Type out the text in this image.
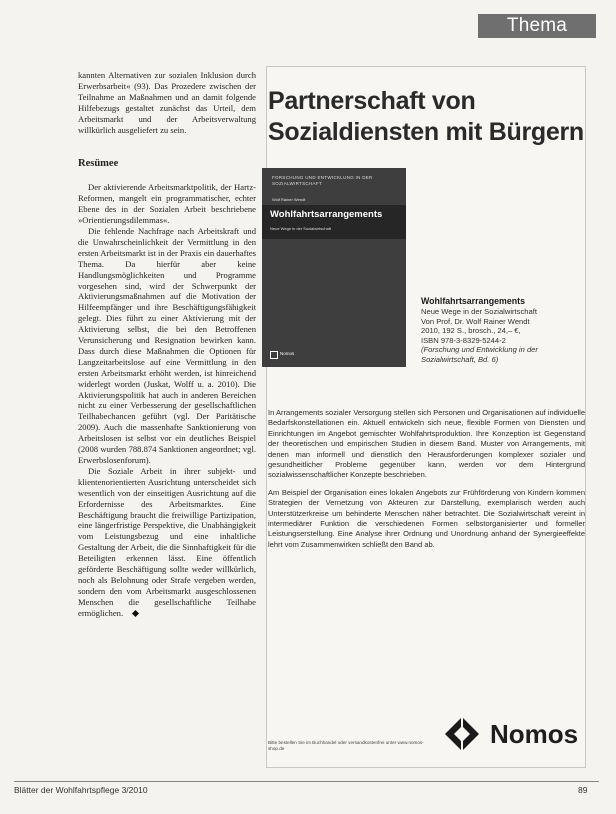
Thema

kannten Alternativen zur sozialen Inklusion durch Erwerbsarbeit« (93). Das Prozedere zwischen der Teilnahme an Maßnahmen und an damit folgende Hilfebezugs gestaltet zunächst das Urteil, dem Arbeitsmarkt und der Arbeitsverwaltung willkürlich ausgeliefert zu sein.

Resümee

Der aktivierende Arbeitsmarktpolitik, der Hartz-Reformen, mangelt ein programmatischer, echter Ebene des in der Sozialen Arbeit beschriebene »Orientierungsdilemmas«.

Die fehlende Nachfrage nach Arbeitskraft und die Unwahrscheinlichkeit der Vermittlung in den ersten Arbeitsmarkt ist in der Praxis ein dauerhaftes Thema. Da hierfür aber keine Handlungsmöglichkeiten und Programme vorgesehen sind, wird der Schwerpunkt der Aktivierungsmaßnahmen auf die Motivation der Hilfeempfänger und ihre Beschäftigungsfähigkeit gelegt. Dies führt zu einer Aktivierung mit der Aktivierung selbst, die bei den Betroffenen Verunsicherung und Resignation bewirken kann. Dass durch diese Maßnahmen die Optionen für Langzeitarbeitslose auf eine Vermittlung in den ersten Arbeitsmarkt erhöht werden, ist hinreichend widerlegt worden (Juskat, Wolff u. a. 2010). Die Aktivierungspolitik hat auch in anderen Bereichen nicht zu einer Verbesserung der gesellschaftlichen Teilhabechancen geführt (vgl. Der Paritätische 2009). Auch die massenhafte Sanktionierung von Arbeitslosen ist selbst vor ein deutliches Beispiel (2008 wurden 788.874 Sanktionen angeordnet; vgl. Erwerbslosenforum).

Die Soziale Arbeit in ihrer subjekt- und klientenorientierten Ausrichtung unterscheidet sich wesentlich von der einseitigen Ausrichtung auf die Erfordernisse des Arbeitsmarktes. Eine Beschäftigung braucht die freiwillige Partizipation, eine längerfristige Perspektive, die Unabhängigkeit vom Leistungsbezug und eine inhaltliche Gestaltung der Arbeit, die die Sinnhaftigkeit für die Beteiligten erkennen lässt. Eine öffentlich geförderte Beschäftigung sollte weder willkürlich, noch als Belohnung oder Strafe vergeben werden, sondern den vom Arbeitsmarkt ausgeschlossenen Menschen die gesellschaftliche Teilhabe ermöglichen.

Partnerschaft von
Sozialdiensten mit Bürgern
FORSCHUNG UND ENTWICKLUNG IN DER SOZIALWIRTSCHAFT
Wolf Rainer Wendt
Wohlfahrtsarrangements
Neue Wege in der Sozialwirtschaft
Nomos
Wohlfahrtsarrangements
Neue Wege in der Sozialwirtschaft
Von Prof. Dr. Wolf Rainer Wendt
2010, 192 S., brosch., 24,– €,
ISBN 978-3-8329-5244-2
(Forschung und Entwicklung in der Sozialwirtschaft, Bd. 6)

In Arrangements sozialer Versorgung stellen sich Personen und Organisationen auf individuelle Bedarfskonstellationen ein. Aktuell entwickeln sich neue, flexible Formen von Diensten und Einrichtungen im Angebot gemischter Wohlfahrtsproduktion. Ihre Konzeption ist Gegenstand der theoretischen und empirischen Studien in diesem Band. Muster von Arrangements, mit denen man informell und dienstlich den Herausforderungen komplexer sozialer und gesundheitlicher Probleme gegenüber kann, werden vor dem Hintergrund sozialwissenschaftlicher Konzepte beschrieben.

Am Beispiel der Organisation eines lokalen Angebots zur Frühförderung von Kindern kommen Strategien der Vernetzung von Akteuren zur Darstellung, exemplarisch werden auch Unterstützerkreise um behinderte Menschen näher betrachtet. Die Sozialwirtschaft vereint in intermediärer Funktion die verschiedenen Formen selbstorganisierter und formeller Leistungserstellung. Eine Analyse ihrer Ordnung und Unordnung anhand der Synergieeffekte lehrt vom Zusammenwirken schließt den Band ab.

Nomos
Bitte bestellen Sie im Buchhandel oder versandkostenfrei unter www.nomos-shop.de
Blätter der Wohlfahrtspflege 3/2010	89
